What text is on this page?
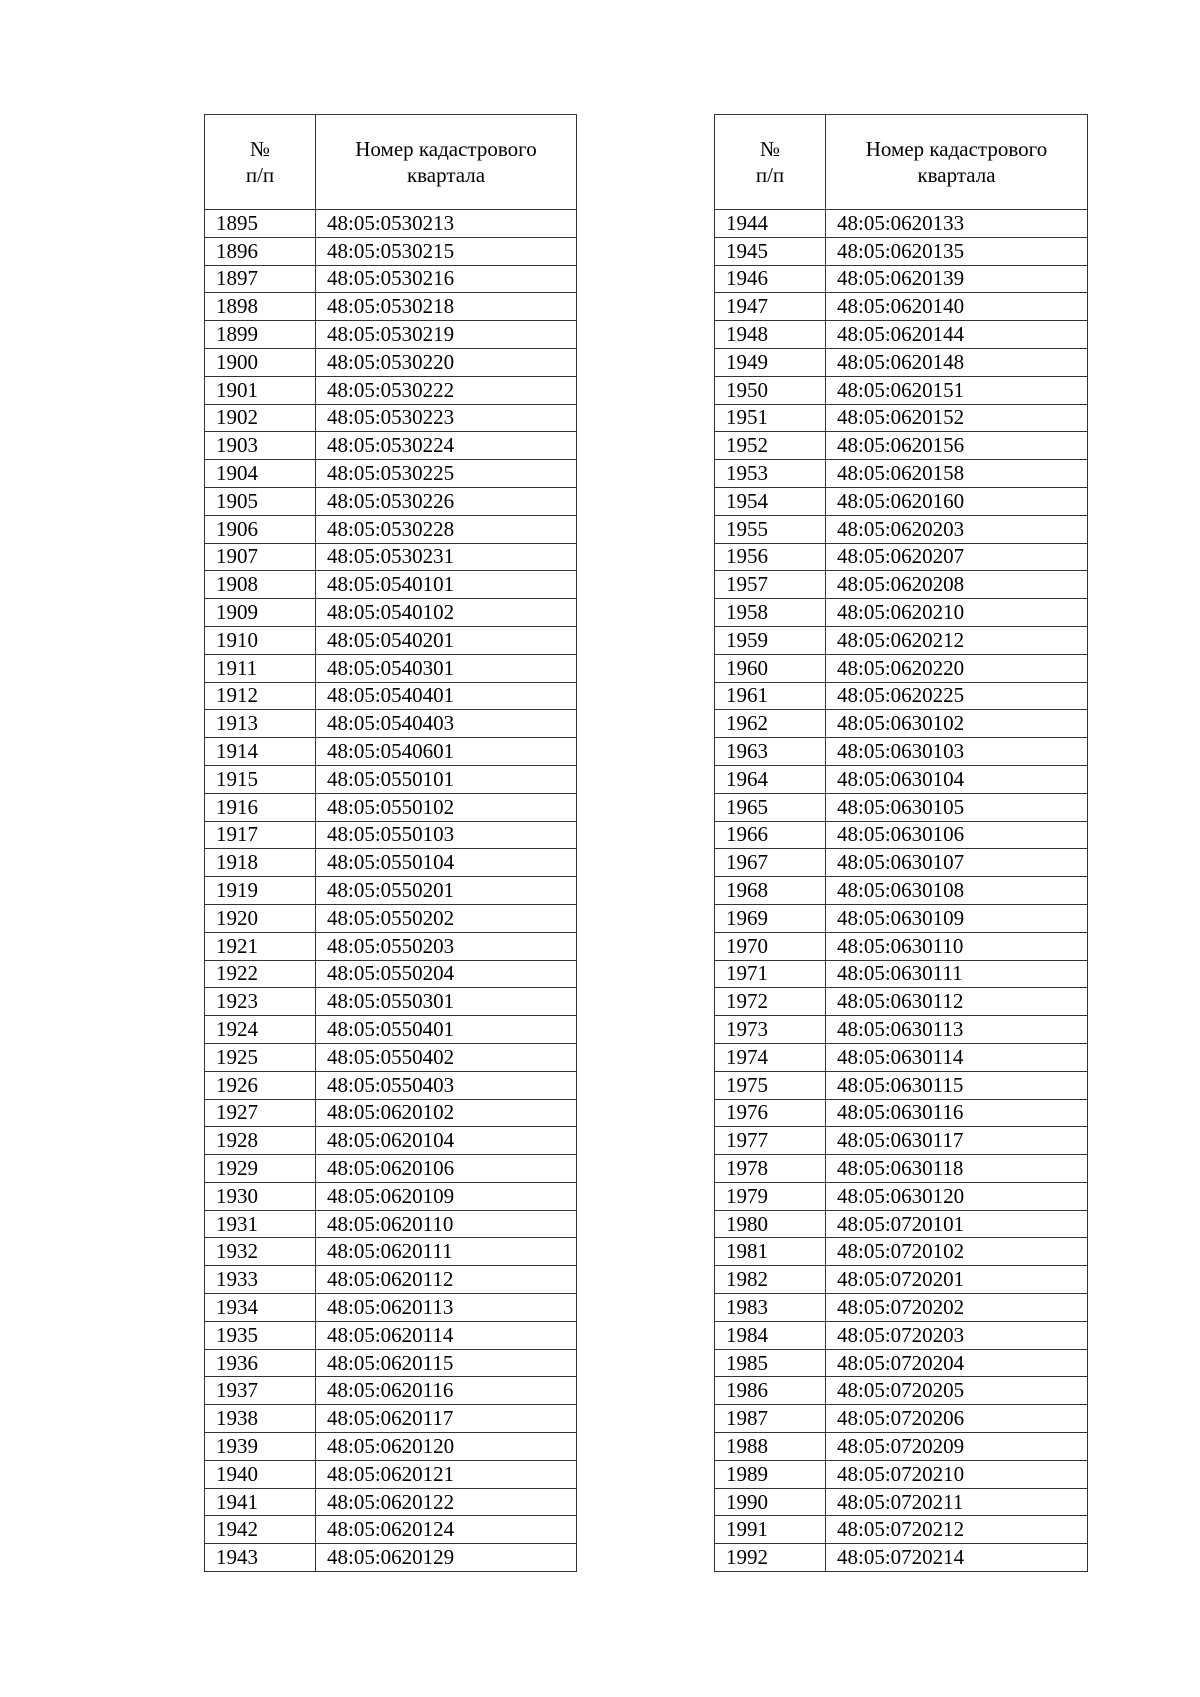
№
п/п	Номер кадастрового
квартала

1895	48:05:0530213
1896	48:05:0530215
1897	48:05:0530216
1898	48:05:0530218
1899	48:05:0530219
1900	48:05:0530220
1901	48:05:0530222
1902	48:05:0530223
1903	48:05:0530224
1904	48:05:0530225
1905	48:05:0530226
1906	48:05:0530228
1907	48:05:0530231
1908	48:05:0540101
1909	48:05:0540102
1910	48:05:0540201
1911	48:05:0540301
1912	48:05:0540401
1913	48:05:0540403
1914	48:05:0540601
1915	48:05:0550101
1916	48:05:0550102
1917	48:05:0550103
1918	48:05:0550104
1919	48:05:0550201
1920	48:05:0550202
1921	48:05:0550203
1922	48:05:0550204
1923	48:05:0550301
1924	48:05:0550401
1925	48:05:0550402
1926	48:05:0550403
1927	48:05:0620102
1928	48:05:0620104
1929	48:05:0620106
1930	48:05:0620109
1931	48:05:0620110
1932	48:05:0620111
1933	48:05:0620112
1934	48:05:0620113
1935	48:05:0620114
1936	48:05:0620115
1937	48:05:0620116
1938	48:05:0620117
1939	48:05:0620120
1940	48:05:0620121
1941	48:05:0620122
1942	48:05:0620124
1943	48:05:0620129
№
п/п	Номер кадастрового
квартала

1944	48:05:0620133
1945	48:05:0620135
1946	48:05:0620139
1947	48:05:0620140
1948	48:05:0620144
1949	48:05:0620148
1950	48:05:0620151
1951	48:05:0620152
1952	48:05:0620156
1953	48:05:0620158
1954	48:05:0620160
1955	48:05:0620203
1956	48:05:0620207
1957	48:05:0620208
1958	48:05:0620210
1959	48:05:0620212
1960	48:05:0620220
1961	48:05:0620225
1962	48:05:0630102
1963	48:05:0630103
1964	48:05:0630104
1965	48:05:0630105
1966	48:05:0630106
1967	48:05:0630107
1968	48:05:0630108
1969	48:05:0630109
1970	48:05:0630110
1971	48:05:0630111
1972	48:05:0630112
1973	48:05:0630113
1974	48:05:0630114
1975	48:05:0630115
1976	48:05:0630116
1977	48:05:0630117
1978	48:05:0630118
1979	48:05:0630120
1980	48:05:0720101
1981	48:05:0720102
1982	48:05:0720201
1983	48:05:0720202
1984	48:05:0720203
1985	48:05:0720204
1986	48:05:0720205
1987	48:05:0720206
1988	48:05:0720209
1989	48:05:0720210
1990	48:05:0720211
1991	48:05:0720212
1992	48:05:0720214
